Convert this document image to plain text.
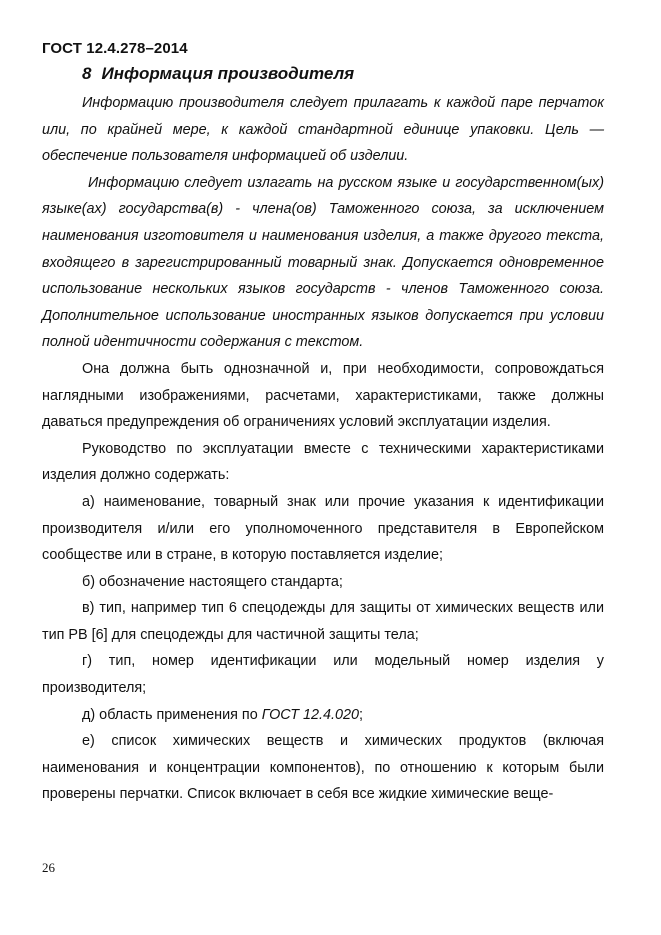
ГОСТ 12.4.278–2014
8 Информация производителя

Информацию производителя следует прилагать к каждой паре перчаток или, по крайней мере, к каждой стандартной единице упаковки. Цель — обеспечение пользователя информацией об изделии.

Информацию следует излагать на русском языке и государственном(ых) языке(ах) государства(в) - члена(ов) Таможенного союза, за исключением наименования изготовителя и наименования изделия, а также другого текста, входящего в зарегистрированный товарный знак. Допускается одновременное использование нескольких языков государств - членов Таможенного союза. Дополнительное использование иностранных языков допускается при условии полной идентичности содержания с текстом.

Она должна быть однозначной и, при необходимости, сопровождаться наглядными изображениями, расчетами, характеристиками, также должны даваться предупреждения об ограничениях условий эксплуатации изделия.

Руководство по эксплуатации вместе с техническими характеристиками изделия должно содержать:

а) наименование, товарный знак или прочие указания к идентификации производителя и/или его уполномоченного представителя в Европейском сообществе или в стране, в которую поставляется изделие;

б) обозначение настоящего стандарта;

в) тип, например тип 6 спецодежды для защиты от химических веществ или тип PB [6] для спецодежды для частичной защиты тела;

г) тип, номер идентификации или модельный номер изделия у производителя;

д) область применения по ГОСТ 12.4.020;

е) список химических веществ и химических продуктов (включая наименования и концентрации компонентов), по отношению к которым были проверены перчатки. Список включает в себя все жидкие химические веще-

26
